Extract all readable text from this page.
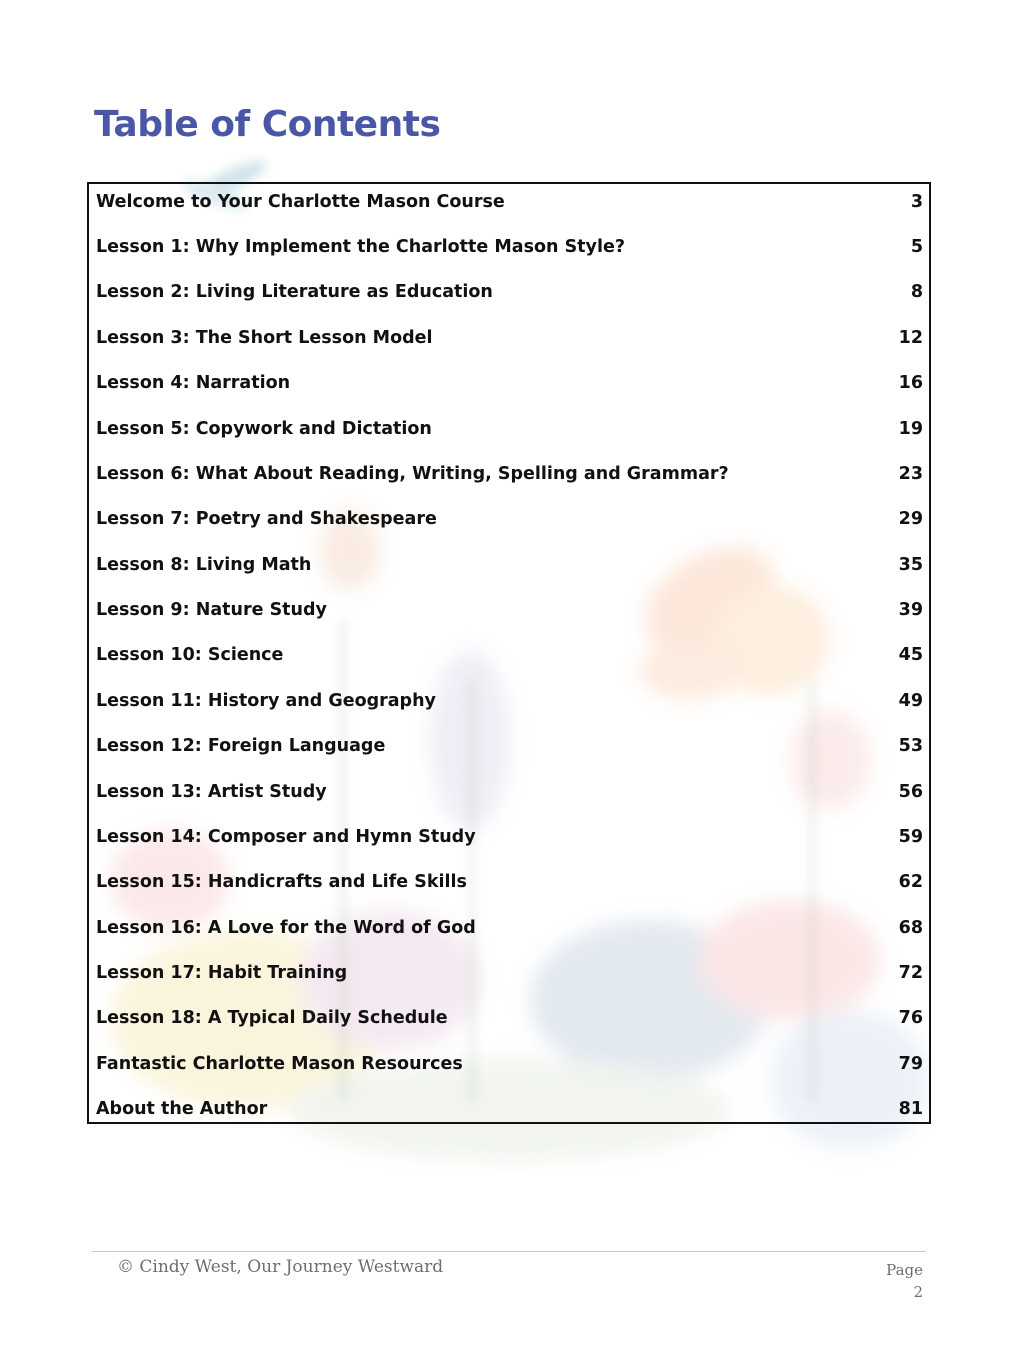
Table of Contents
Welcome to Your Charlotte Mason Course	3
Lesson 1: Why Implement the Charlotte Mason Style?	5
Lesson 2: Living Literature as Education	8
Lesson 3: The Short Lesson Model	12
Lesson 4: Narration	16
Lesson 5: Copywork and Dictation	19
Lesson 6: What About Reading, Writing, Spelling and Grammar?	23
Lesson 7: Poetry and Shakespeare	29
Lesson 8: Living Math	35
Lesson 9: Nature Study	39
Lesson 10: Science	45
Lesson 11: History and Geography	49
Lesson 12: Foreign Language	53
Lesson 13: Artist Study	56
Lesson 14: Composer and Hymn Study	59
Lesson 15: Handicrafts and Life Skills	62
Lesson 16: A Love for the Word of God	68
Lesson 17: Habit Training	72
Lesson 18: A Typical Daily Schedule	76
Fantastic Charlotte Mason Resources	79
About the Author	81
© Cindy West, Our Journey Westward	Page
2
